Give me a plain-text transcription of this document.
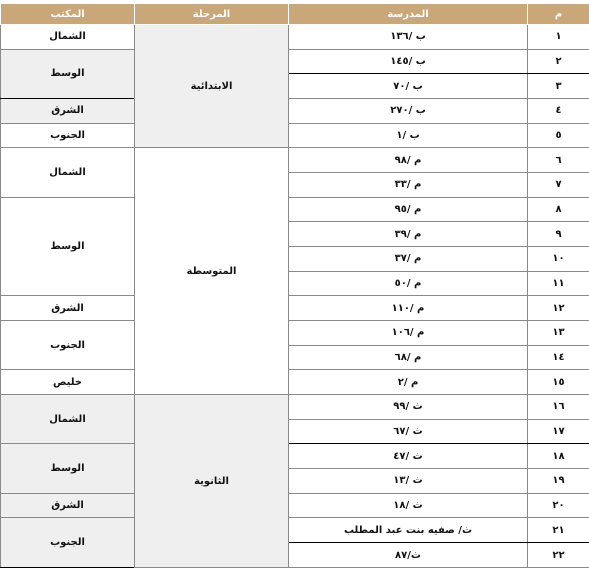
م	المدرسة	المرحلة	المكتب
١	ب /١٣٦	الابتدائية	الشمال
٢	ب /١٤٥		الوسط
٣	ب /٧٠		
٤	ب /٢٧٠		الشرق
٥	ب /١		الجنوب
٦	م /٩٨	المتوسطة	الشمال
٧	م /٣٣		
٨	م /٩٥		الوسط
٩	م /٣٩		
١٠	م /٣٧		
١١	م /٥٠		
١٢	م /١١٠		الشرق
١٣	م /١٠٦		الجنوب
١٤	م /٦٨		
١٥	م /٢		خليص
١٦	ث /٩٩	الثانوية	الشمال
١٧	ث /٦٧		
١٨	ث /٤٧		الوسط
١٩	ث /١٣		
٢٠	ث /١٨		الشرق
٢١	ث/ صفيه بنت عبد المطلب		الجنوب
٢٢	ث/٨٧		
